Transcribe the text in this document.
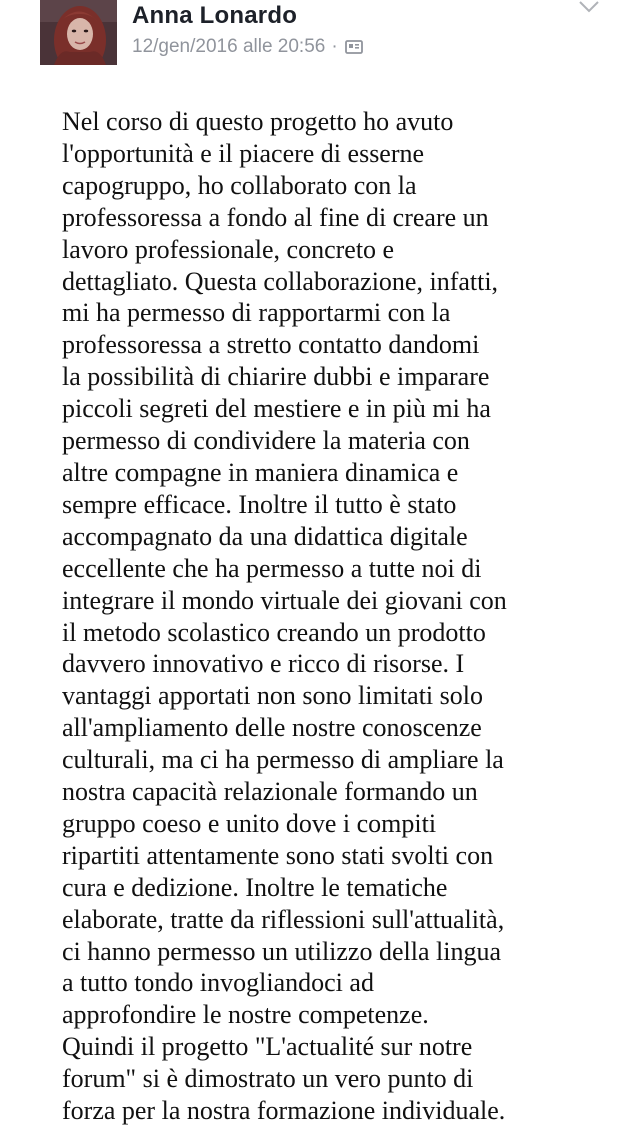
Anna Lonardo
12/gen/2016 alle 20:56 ·
Nel corso di questo progetto ho avuto
l'opportunità e il piacere di esserne
capogruppo, ho collaborato con la
professoressa a fondo al fine di creare un
lavoro professionale, concreto e
dettagliato. Questa collaborazione, infatti,
mi ha permesso di rapportarmi con la
professoressa a stretto contatto dandomi
la possibilità di chiarire dubbi e imparare
piccoli segreti del mestiere e in più mi ha
permesso di condividere la materia con
altre compagne in maniera dinamica e
sempre efficace. Inoltre il tutto è stato
accompagnato da una didattica digitale
eccellente che ha permesso a tutte noi di
integrare il mondo virtuale dei giovani con
il metodo scolastico creando un prodotto
davvero innovativo e ricco di risorse. I
vantaggi apportati non sono limitati solo
all'ampliamento delle nostre conoscenze
culturali, ma ci ha permesso di ampliare la
nostra capacità relazionale formando un
gruppo coeso e unito dove i compiti
ripartiti attentamente sono stati svolti con
cura e dedizione. Inoltre le tematiche
elaborate, tratte da riflessioni sull'attualità,
ci hanno permesso un utilizzo della lingua
a tutto tondo invogliandoci ad
approfondire le nostre competenze.
Quindi il progetto "L'actualité sur notre
forum" si è dimostrato un vero punto di
forza per la nostra formazione individuale.
